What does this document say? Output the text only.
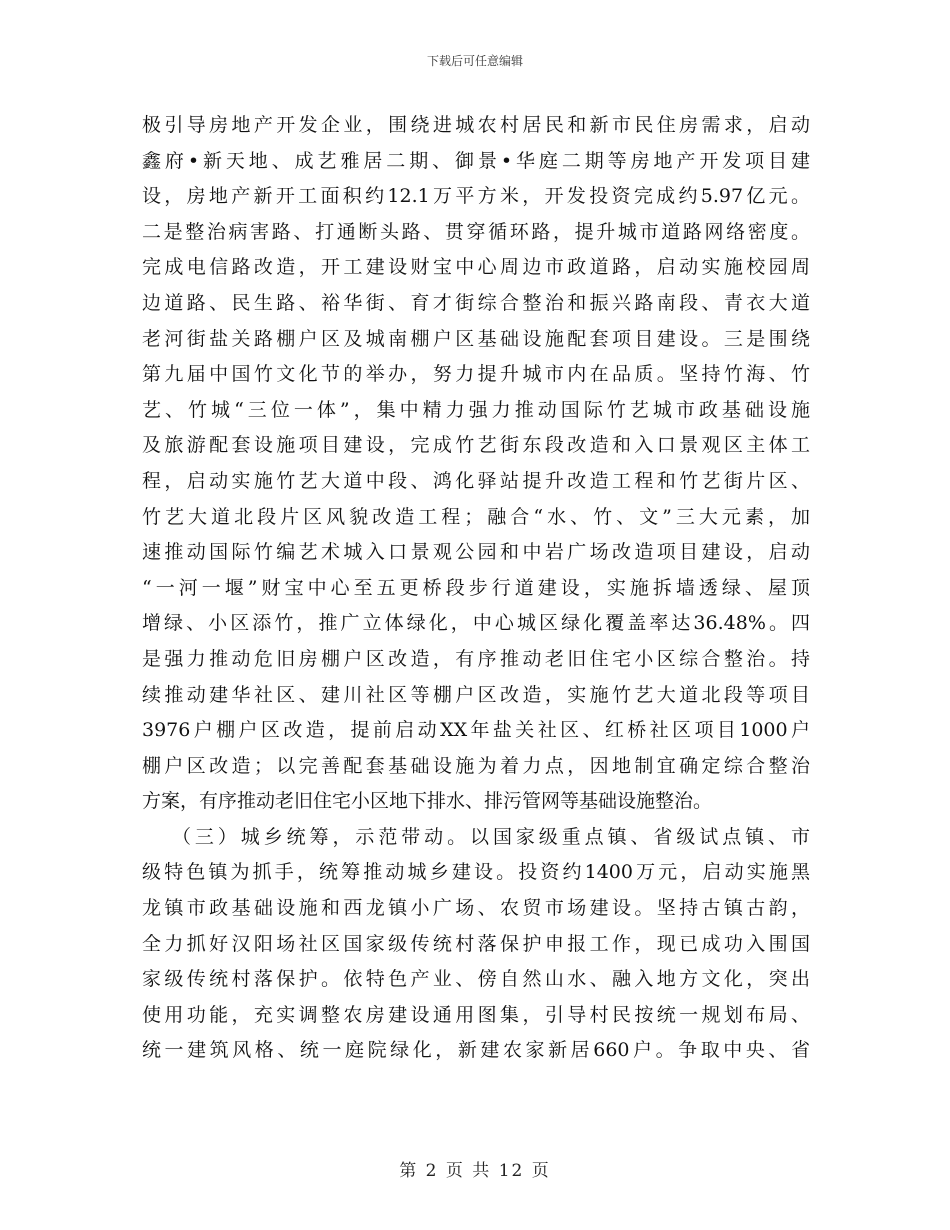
下载后可任意编辑
极引导房地产开发企业，围绕进城农村居民和新市民住房需求，启动
鑫府•新天地、成艺雅居二期、御景•华庭二期等房地产开发项目建
设，房地产新开工面积约12.1万平方米，开发投资完成约5.97亿元。
二是整治病害路、打通断头路、贯穿循环路，提升城市道路网络密度。
完成电信路改造，开工建设财宝中心周边市政道路，启动实施校园周
边道路、民生路、裕华街、育才街综合整治和振兴路南段、青衣大道
老河街盐关路棚户区及城南棚户区基础设施配套项目建设。三是围绕
第九届中国竹文化节的举办，努力提升城市内在品质。坚持竹海、竹
艺、竹城“三位一体”，集中精力强力推动国际竹艺城市政基础设施
及旅游配套设施项目建设，完成竹艺街东段改造和入口景观区主体工
程，启动实施竹艺大道中段、鸿化驿站提升改造工程和竹艺街片区、
竹艺大道北段片区风貌改造工程；融合“水、竹、文”三大元素，加
速推动国际竹编艺术城入口景观公园和中岩广场改造项目建设，启动
“一河一堰”财宝中心至五更桥段步行道建设，实施拆墙透绿、屋顶
增绿、小区添竹，推广立体绿化，中心城区绿化覆盖率达36.48%。四
是强力推动危旧房棚户区改造，有序推动老旧住宅小区综合整治。持
续推动建华社区、建川社区等棚户区改造，实施竹艺大道北段等项目
3976户棚户区改造，提前启动XX年盐关社区、红桥社区项目1000户
棚户区改造；以完善配套基础设施为着力点，因地制宜确定综合整治
方案，有序推动老旧住宅小区地下排水、排污管网等基础设施整治。
（三）城乡统筹，示范带动。以国家级重点镇、省级试点镇、市
级特色镇为抓手，统筹推动城乡建设。投资约1400万元，启动实施黑
龙镇市政基础设施和西龙镇小广场、农贸市场建设。坚持古镇古韵，
全力抓好汉阳场社区国家级传统村落保护申报工作，现已成功入围国
家级传统村落保护。依特色产业、傍自然山水、融入地方文化，突出
使用功能，充实调整农房建设通用图集，引导村民按统一规划布局、
统一建筑风格、统一庭院绿化，新建农家新居660户。争取中央、省
第 2 页 共 12 页
